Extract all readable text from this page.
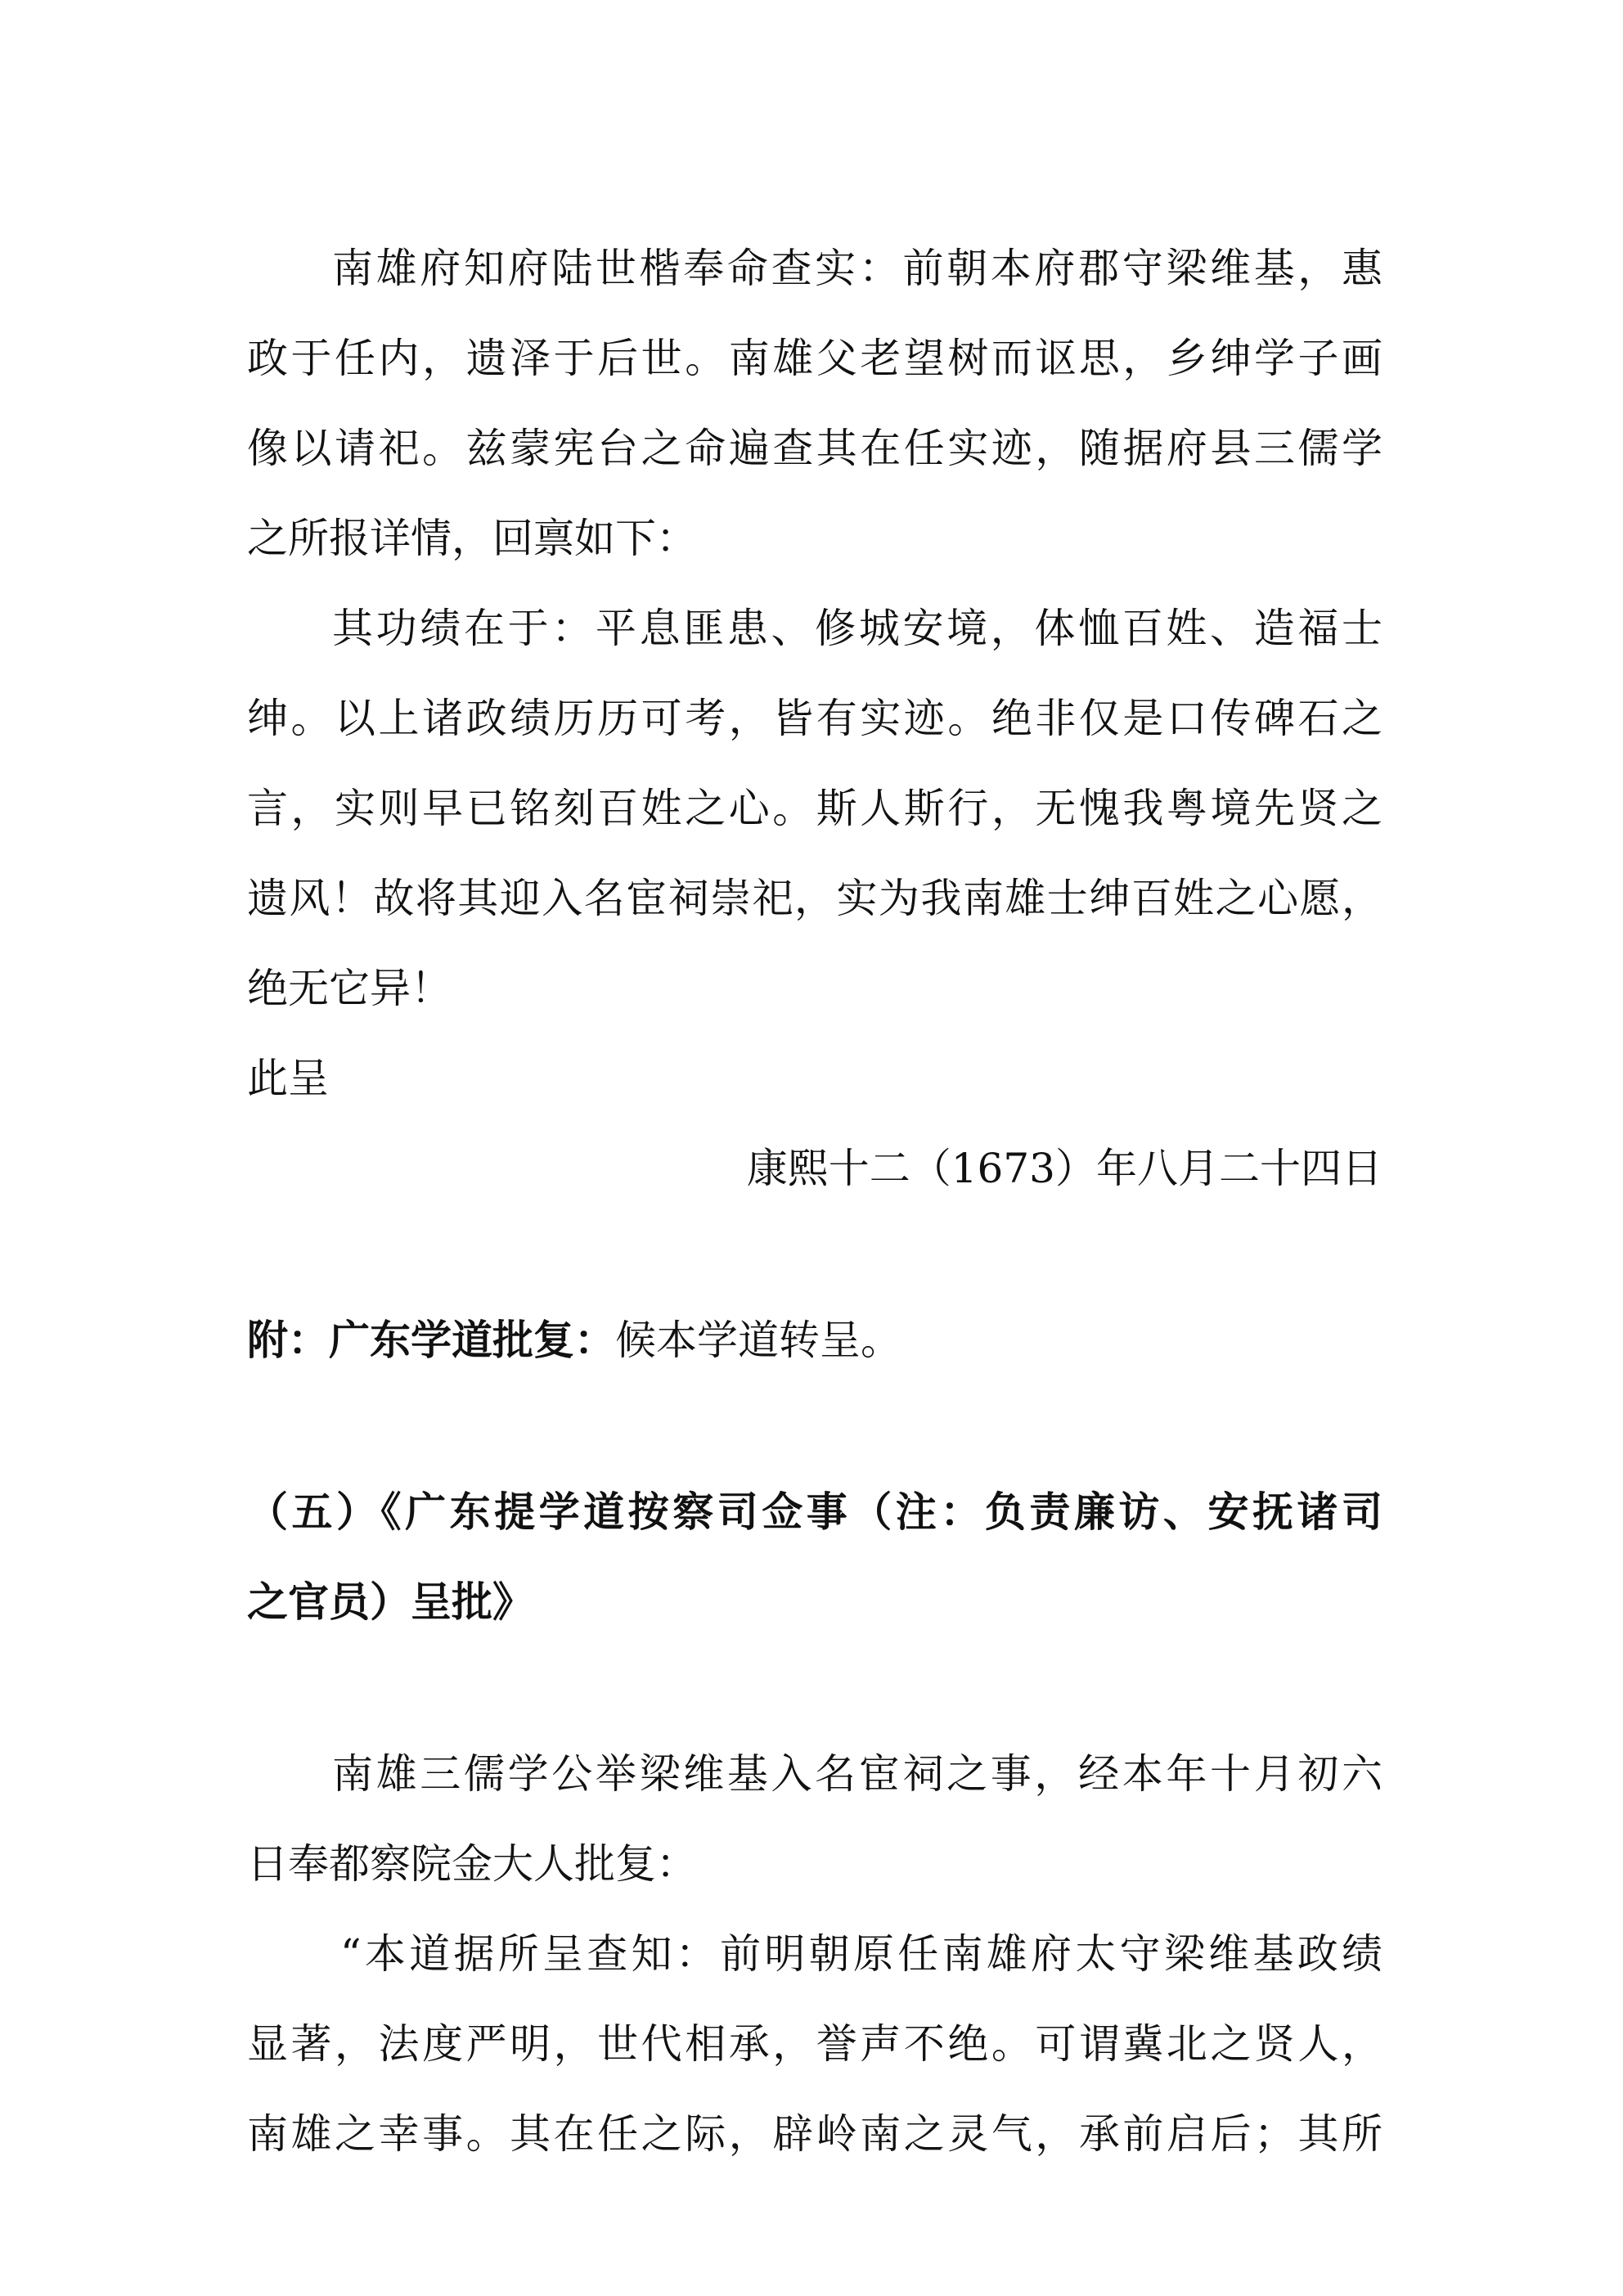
南雄府知府陆世楷奉命查实：前朝本府郡守梁维基，惠
政于任内，遗泽于后世。南雄父老望树而讴思，乡绅学子画
像以请祀。兹蒙宪台之命遍查其在任实迹，随据府县三儒学
之所报详情，回禀如下：
其功绩在于：平息匪患、修城安境，体恤百姓、造福士
绅。以上诸政绩历历可考，皆有实迹。绝非仅是口传碑石之
言，实则早已铭刻百姓之心。斯人斯行，无愧我粤境先贤之
遗风！故将其迎入名宦祠崇祀，实为我南雄士绅百姓之心愿，
绝无它异！
此呈
康熙十二（1673）年八月二十四日
附：广东学道批复：候本学道转呈。
（五）《广东提学道按察司佥事（注：负责廉访、安抚诸司
之官员）呈批》
南雄三儒学公举梁维基入名宦祠之事，经本年十月初六
日奉都察院金大人批复：
“本道据所呈查知：前明朝原任南雄府太守梁维基政绩
显著，法度严明，世代相承，誉声不绝。可谓冀北之贤人，
南雄之幸事。其在任之际，辟岭南之灵气，承前启后；其所
